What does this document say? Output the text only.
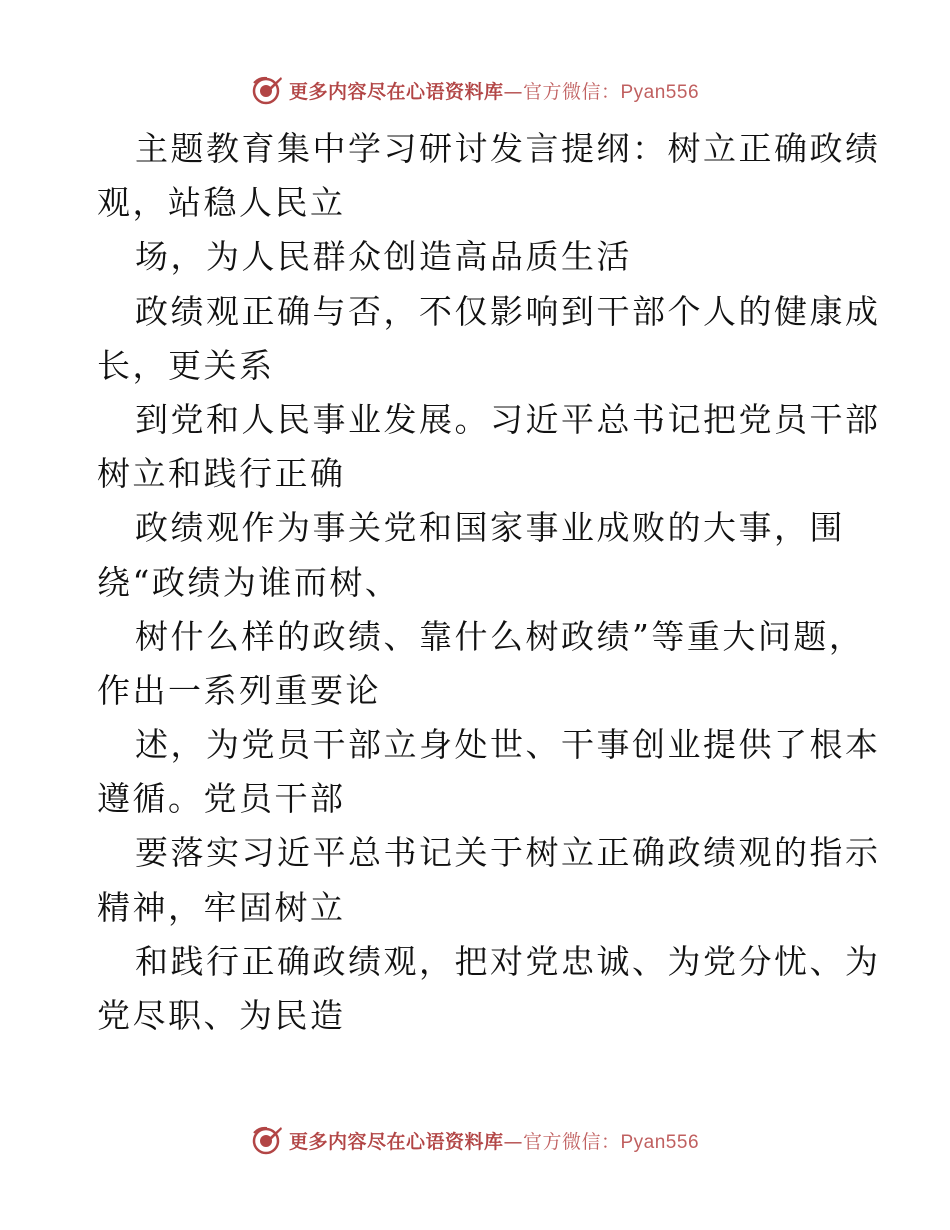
更多内容尽在心语资料库—官方微信：Pyan556
主题教育集中学习研讨发言提纲：树立正确政绩
观，站稳人民立
场，为人民群众创造高品质生活
政绩观正确与否，不仅影响到干部个人的健康成
长，更关系
到党和人民事业发展。习近平总书记把党员干部
树立和践行正确
政绩观作为事关党和国家事业成败的大事，围
绕“政绩为谁而树、
树什么样的政绩、靠什么树政绩”等重大问题，
作出一系列重要论
述，为党员干部立身处世、干事创业提供了根本
遵循。党员干部
要落实习近平总书记关于树立正确政绩观的指示
精神，牢固树立
和践行正确政绩观，把对党忠诚、为党分忧、为
党尽职、为民造
更多内容尽在心语资料库—官方微信：Pyan556
